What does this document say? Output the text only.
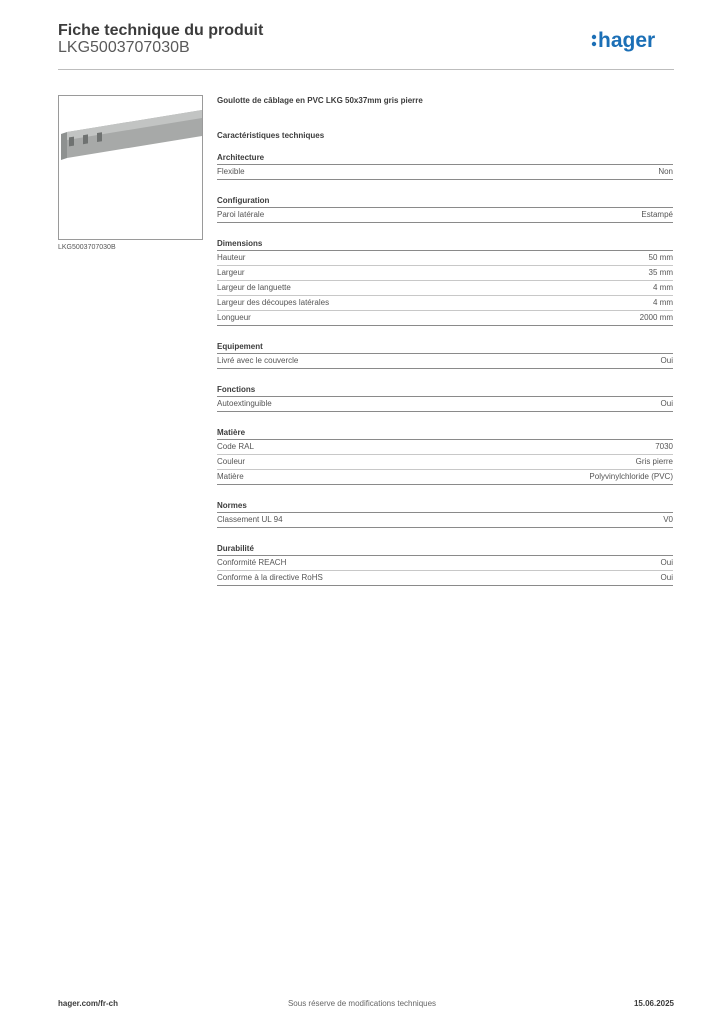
Fiche technique du produit
LKG5003707030B	hager
LKG5003707030B
Goulotte de câblage en PVC LKG 50x37mm gris pierre
Caractéristiques techniques
Architecture
Flexible	Non
Configuration
Paroi latérale	Estampé
Dimensions
Hauteur	50 mm
Largeur	35 mm
Largeur de languette	4 mm
Largeur des découpes latérales	4 mm
Longueur	2000 mm
Equipement
Livré avec le couvercle	Oui
Fonctions
Autoextinguible	Oui
Matière
Code RAL	7030
Couleur	Gris pierre
Matière	Polyvinylchloride (PVC)
Normes
Classement UL 94	V0
Durabilité
Conformité REACH	Oui
Conforme à la directive RoHS	Oui
hager.com/fr-ch	Sous réserve de modifications techniques	15.06.2025
